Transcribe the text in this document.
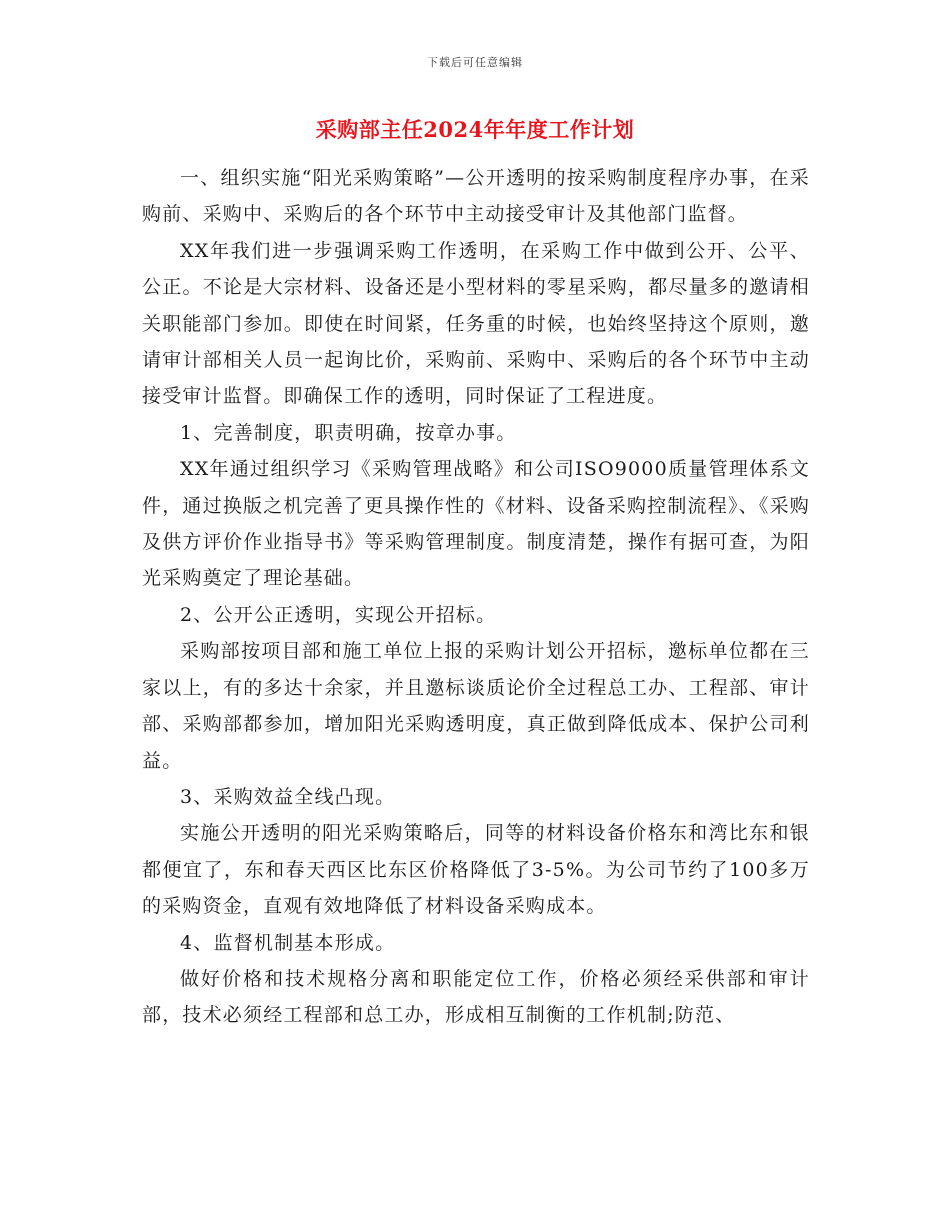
下载后可任意编辑
采购部主任2024年年度工作计划

一、组织实施“阳光采购策略”—公开透明的按采购制度程序办事，在采购前、采购中、采购后的各个环节中主动接受审计及其他部门监督。

XX年我们进一步强调采购工作透明，在采购工作中做到公开、公平、公正。不论是大宗材料、设备还是小型材料的零星采购，都尽量多的邀请相关职能部门参加。即使在时间紧，任务重的时候，也始终坚持这个原则，邀请审计部相关人员一起询比价，采购前、采购中、采购后的各个环节中主动接受审计监督。即确保工作的透明，同时保证了工程进度。

1、完善制度，职责明确，按章办事。

XX年通过组织学习《采购管理战略》和公司ISO9000质量管理体系文件，通过换版之机完善了更具操作性的《材料、设备采购控制流程》、《采购及供方评价作业指导书》等采购管理制度。制度清楚，操作有据可查，为阳光采购奠定了理论基础。

2、公开公正透明，实现公开招标。

采购部按项目部和施工单位上报的采购计划公开招标，邀标单位都在三家以上，有的多达十余家，并且邀标谈质论价全过程总工办、工程部、审计部、采购部都参加，增加阳光采购透明度，真正做到降低成本、保护公司利益。

3、采购效益全线凸现。

实施公开透明的阳光采购策略后，同等的材料设备价格东和湾比东和银都便宜了，东和春天西区比东区价格降低了3-5%。为公司节约了100多万的采购资金，直观有效地降低了材料设备采购成本。

4、监督机制基本形成。

做好价格和技术规格分离和职能定位工作，价格必须经采供部和审计部，技术必须经工程部和总工办，形成相互制衡的工作机制;防范、
